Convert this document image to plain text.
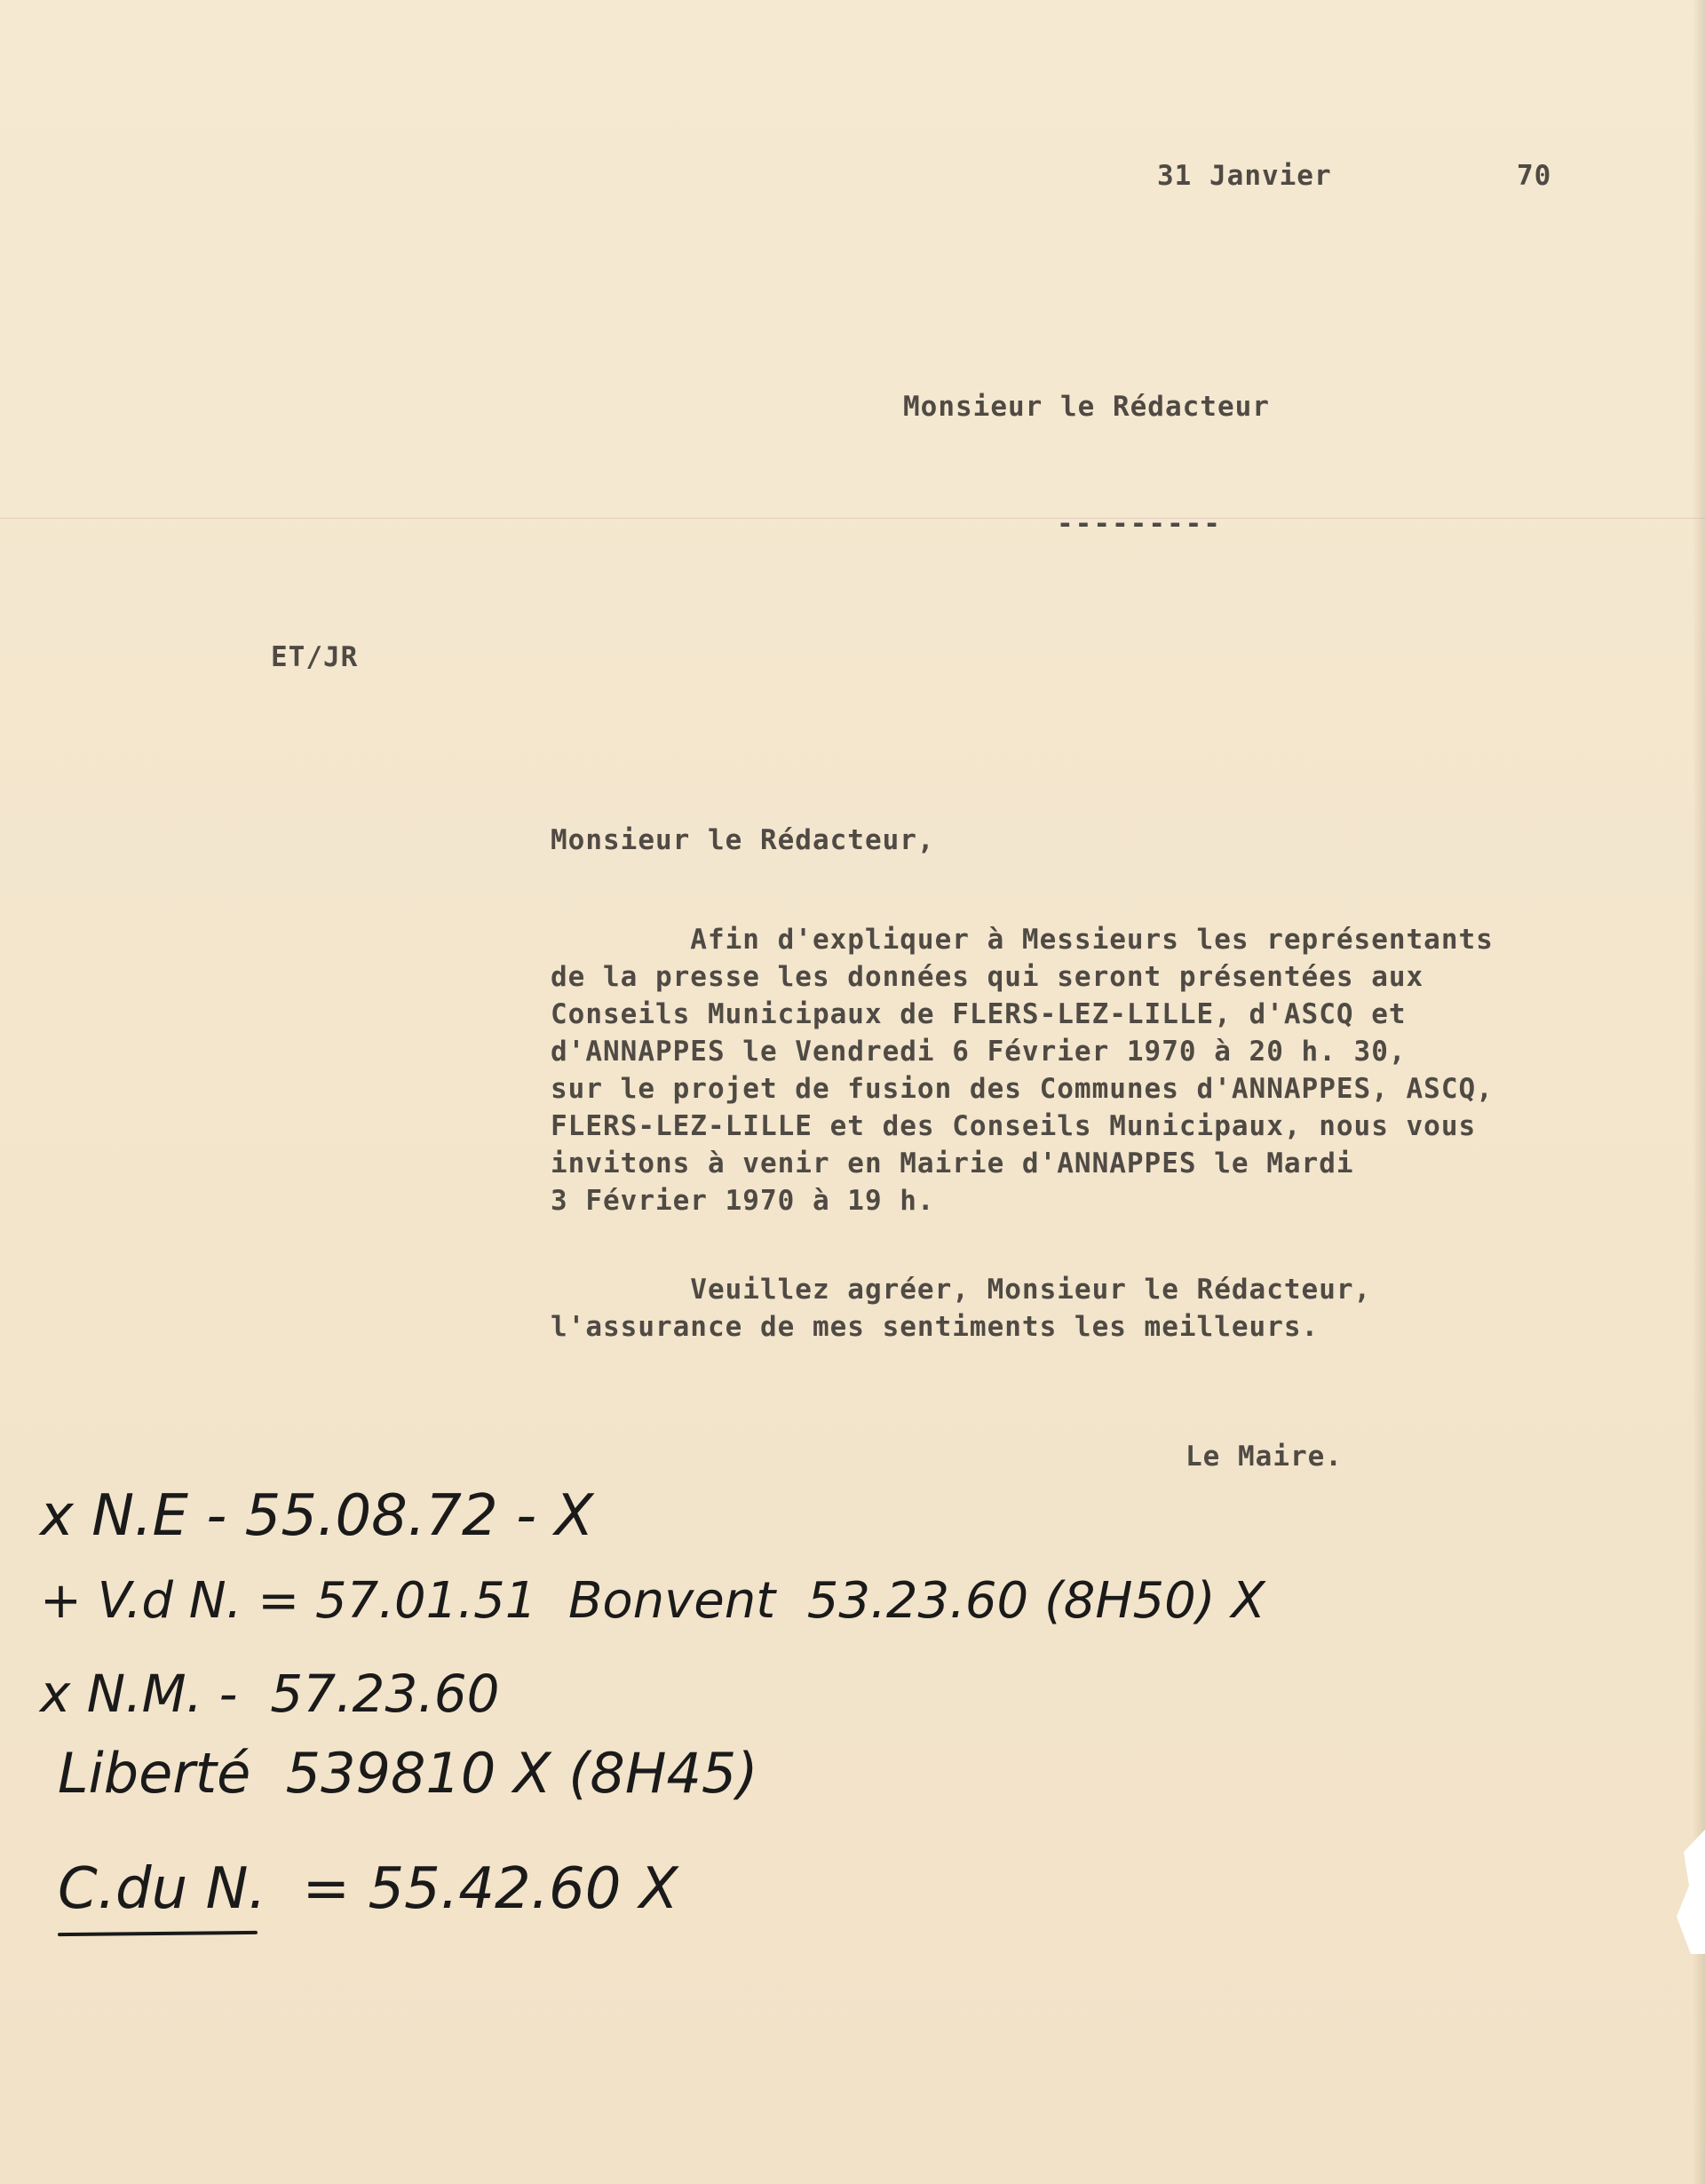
31 Janvier	70
Monsieur le Rédacteur
---------
ET/JR
Monsieur le Rédacteur,
Afin d'expliquer à Messieurs les représentants
de la presse les données qui seront présentées aux
Conseils Municipaux de FLERS-LEZ-LILLE, d'ASCQ et
d'ANNAPPES le Vendredi 6 Février 1970 à 20 h. 30,
sur le projet de fusion des Communes d'ANNAPPES, ASCQ,
FLERS-LEZ-LILLE et des Conseils Municipaux, nous vous
invitons à venir en Mairie d'ANNAPPES le Mardi
3 Février 1970 à 19 h.
Veuillez agréer, Monsieur le Rédacteur,
l'assurance de mes sentiments les meilleurs.
Le Maire.
x N.E - 55.08.72 - X
+ V.d N. = 57.01.51  Bonvent  53.23.60 (8H50) X
x N.M. -  57.23.60
Liberté  539810 X (8H45)
C.du N.  = 55.42.60 X
